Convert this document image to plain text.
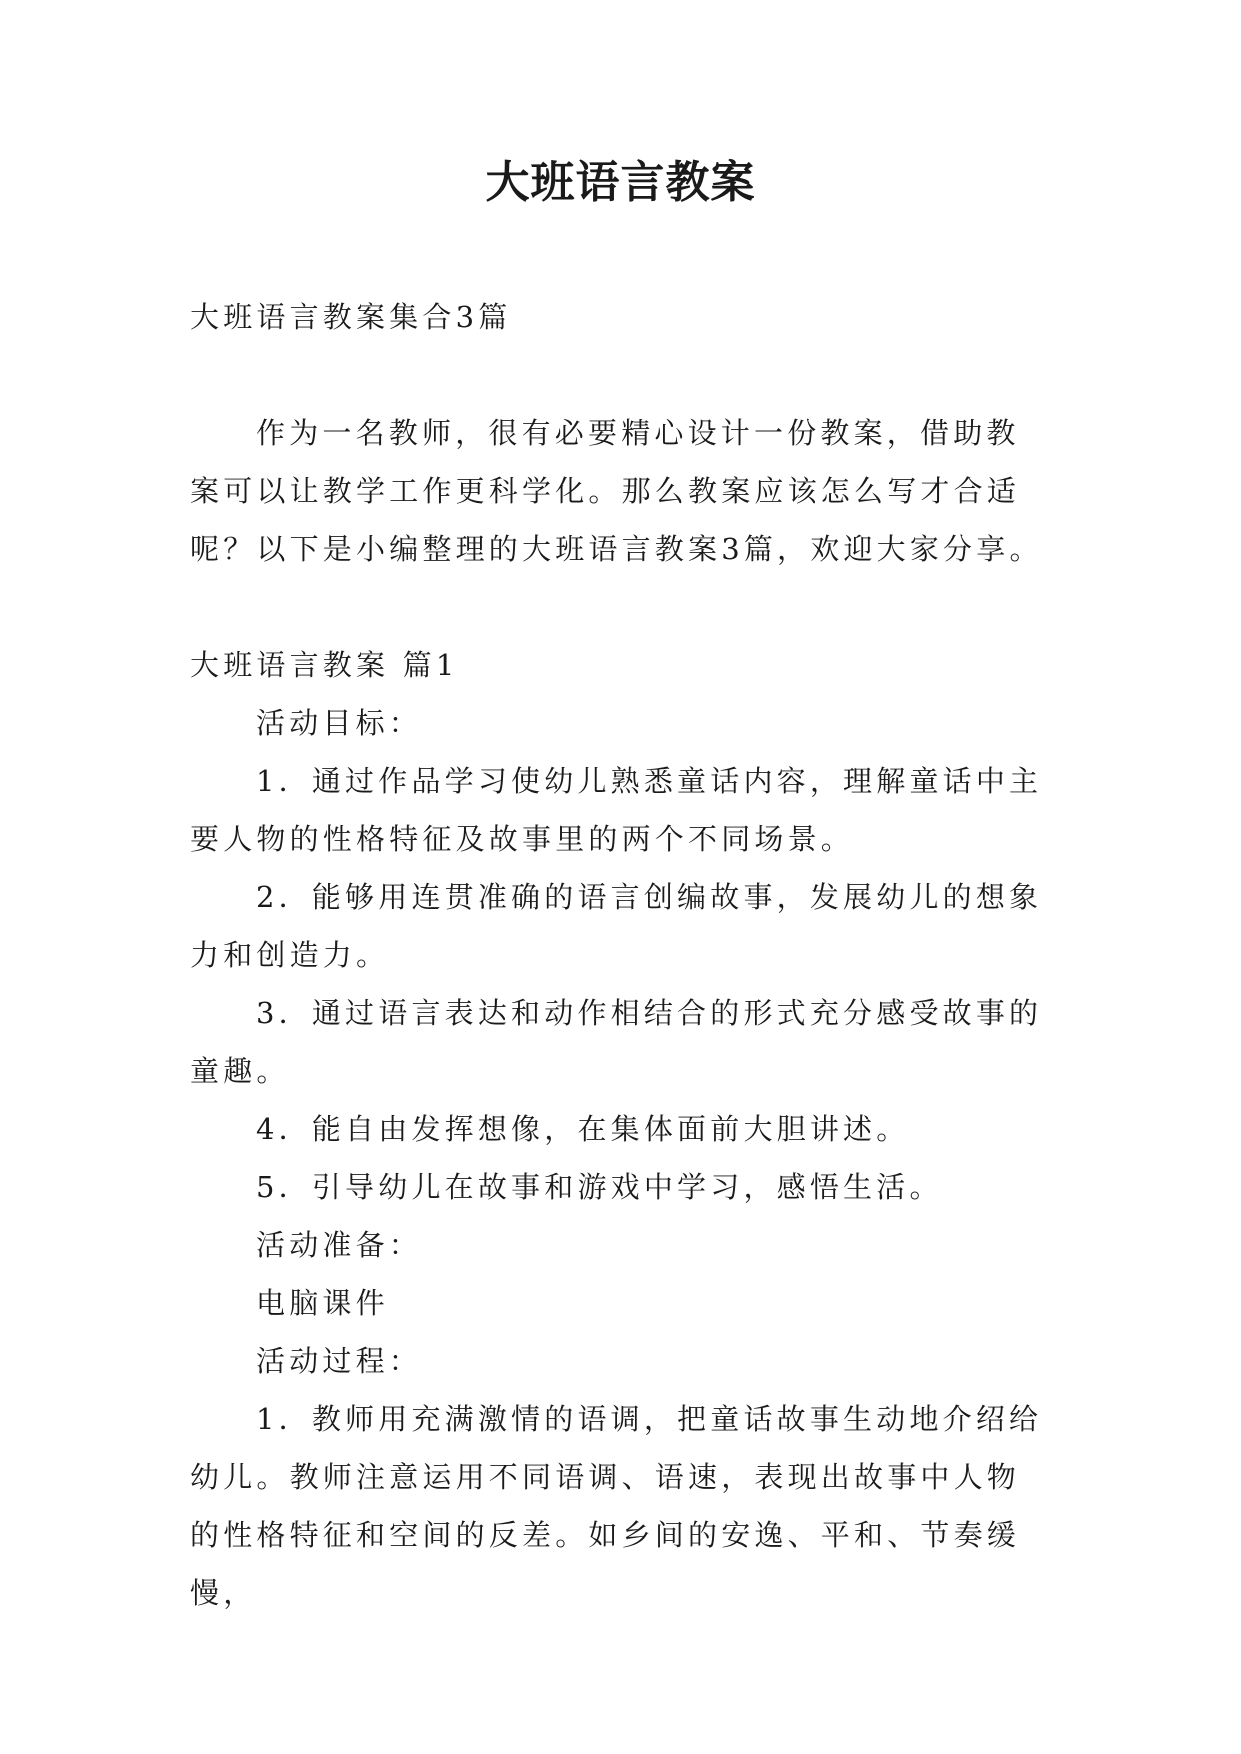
大班语言教案

大班语言教案集合3篇

作为一名教师，很有必要精心设计一份教案，借助教案可以让教学工作更科学化。那么教案应该怎么写才合适呢？以下是小编整理的大班语言教案3篇，欢迎大家分享。

大班语言教案 篇1

活动目标：

1．通过作品学习使幼儿熟悉童话内容，理解童话中主要人物的性格特征及故事里的两个不同场景。

2．能够用连贯准确的语言创编故事，发展幼儿的想象力和创造力。

3．通过语言表达和动作相结合的形式充分感受故事的童趣。

4．能自由发挥想像，在集体面前大胆讲述。

5．引导幼儿在故事和游戏中学习，感悟生活。

活动准备：

电脑课件

活动过程：

1．教师用充满激情的语调，把童话故事生动地介绍给幼儿。教师注意运用不同语调、语速，表现出故事中人物的性格特征和空间的反差。如乡间的安逸、平和、节奏缓慢，
